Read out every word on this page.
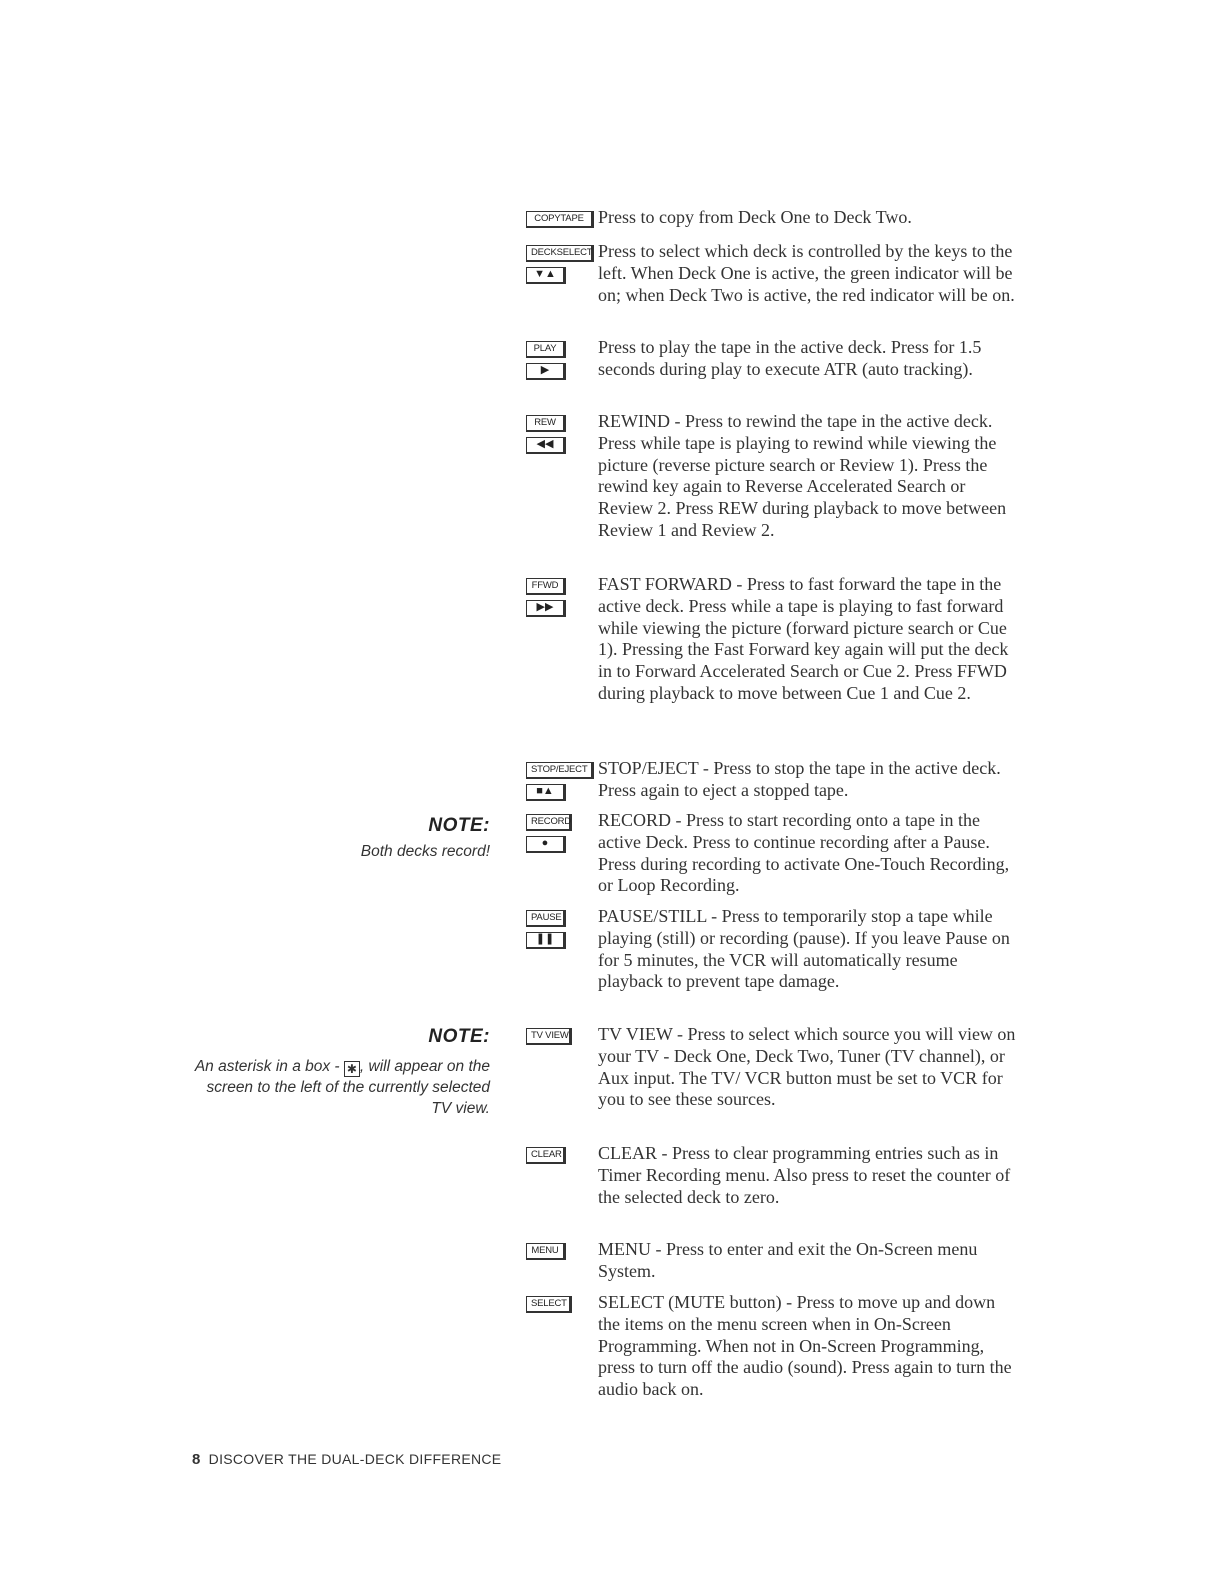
COPYTAPE Press to copy from Deck One to Deck Two.
DECKSELECT
▼▲
Press to select which deck is controlled by the keys to the left. When Deck One is active, the green indicator will be on; when Deck Two is active, the red indicator will be on.
PLAY
▶
Press to play the tape in the active deck. Press for 1.5 seconds during play to execute ATR (auto tracking).
REW
◀◀
REWIND - Press to rewind the tape in the active deck. Press while tape is playing to rewind while viewing the picture (reverse picture search or Review 1). Press the rewind key again to Reverse Accelerated Search or Review 2. Press REW during playback to move between Review 1 and Review 2.
FFWD
▶▶
FAST FORWARD - Press to fast forward the tape in the active deck. Press while a tape is playing to fast forward while viewing the picture (forward picture search or Cue 1). Pressing the Fast Forward key again will put the deck in to Forward Accelerated Search or Cue 2. Press FFWD during playback to move between Cue 1 and Cue 2.
STOP/EJECT
■▲
STOP/EJECT - Press to stop the tape in the active deck. Press again to eject a stopped tape.
RECORD
●
RECORD - Press to start recording onto a tape in the active Deck. Press to continue recording after a Pause. Press during recording to activate One-Touch Recording, or Loop Recording.
PAUSE
❚❚
PAUSE/STILL - Press to temporarily stop a tape while playing (still) or recording (pause). If you leave Pause on for 5 minutes, the VCR will automatically resume playback to prevent tape damage.
TV VIEW TV VIEW - Press to select which source you will view on your TV - Deck One, Deck Two, Tuner (TV channel), or Aux input. The TV/ VCR button must be set to VCR for you to see these sources.
CLEAR CLEAR - Press to clear programming entries such as in Timer Recording menu. Also press to reset the counter of the selected deck to zero.
MENU	MENU - Press to enter and exit the On-Screen menu System.
SELECT SELECT (MUTE button) - Press to move up and down the items on the menu screen when in On-Screen Programming. When not in On-Screen Programming, press to turn off the audio (sound). Press again to turn the audio back on.
NOTE:
Both decks record!
NOTE:
An asterisk in a box - ✱ , will appear on the screen to the left of the currently selected TV view.
8 DISCOVER THE DUAL-DECK DIFFERENCE
